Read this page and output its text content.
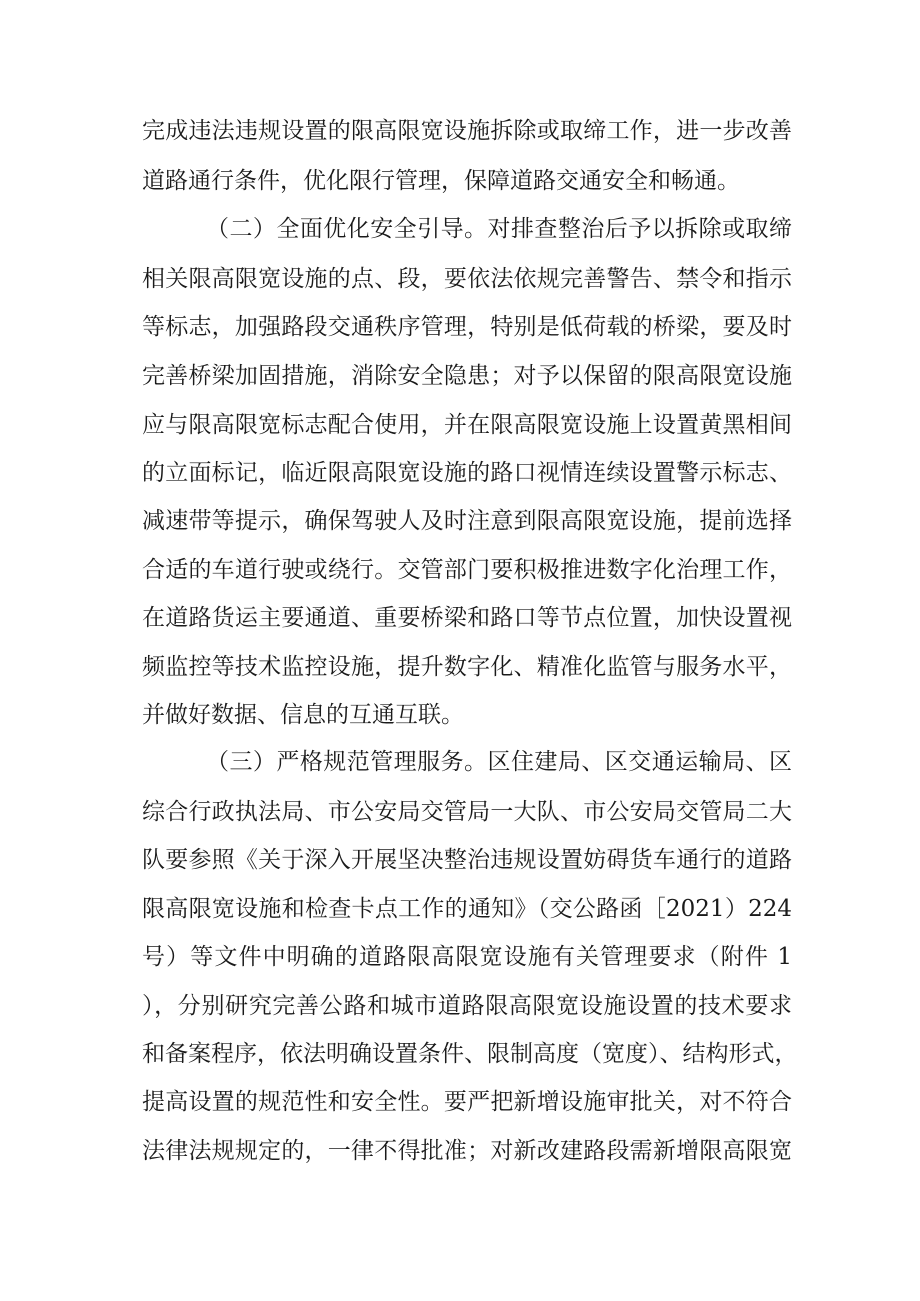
完成违法违规设置的限高限宽设施拆除或取缔工作，进一步改善
道路通行条件，优化限行管理，保障道路交通安全和畅通。
（二）全面优化安全引导。对排查整治后予以拆除或取缔
相关限高限宽设施的点、段，要依法依规完善警告、禁令和指示
等标志，加强路段交通秩序管理，特别是低荷载的桥梁，要及时
完善桥梁加固措施，消除安全隐患；对予以保留的限高限宽设施
应与限高限宽标志配合使用，并在限高限宽设施上设置黄黑相间
的立面标记，临近限高限宽设施的路口视情连续设置警示标志、
减速带等提示，确保驾驶人及时注意到限高限宽设施，提前选择
合适的车道行驶或绕行。交管部门要积极推进数字化治理工作，
在道路货运主要通道、重要桥梁和路口等节点位置，加快设置视
频监控等技术监控设施，提升数字化、精准化监管与服务水平，
并做好数据、信息的互通互联。
（三）严格规范管理服务。区住建局、区交通运输局、区
综合行政执法局、市公安局交管局一大队、市公安局交管局二大
队要参照《关于深入开展坚决整治违规设置妨碍货车通行的道路
限高限宽设施和检查卡点工作的通知》（交公路函［2021）224
号）等文件中明确的道路限高限宽设施有关管理要求（附件 1
），分别研究完善公路和城市道路限高限宽设施设置的技术要求
和备案程序，依法明确设置条件、限制高度（宽度）、结构形式，
提高设置的规范性和安全性。要严把新增设施审批关，对不符合
法律法规规定的，一律不得批准；对新改建路段需新增限高限宽
